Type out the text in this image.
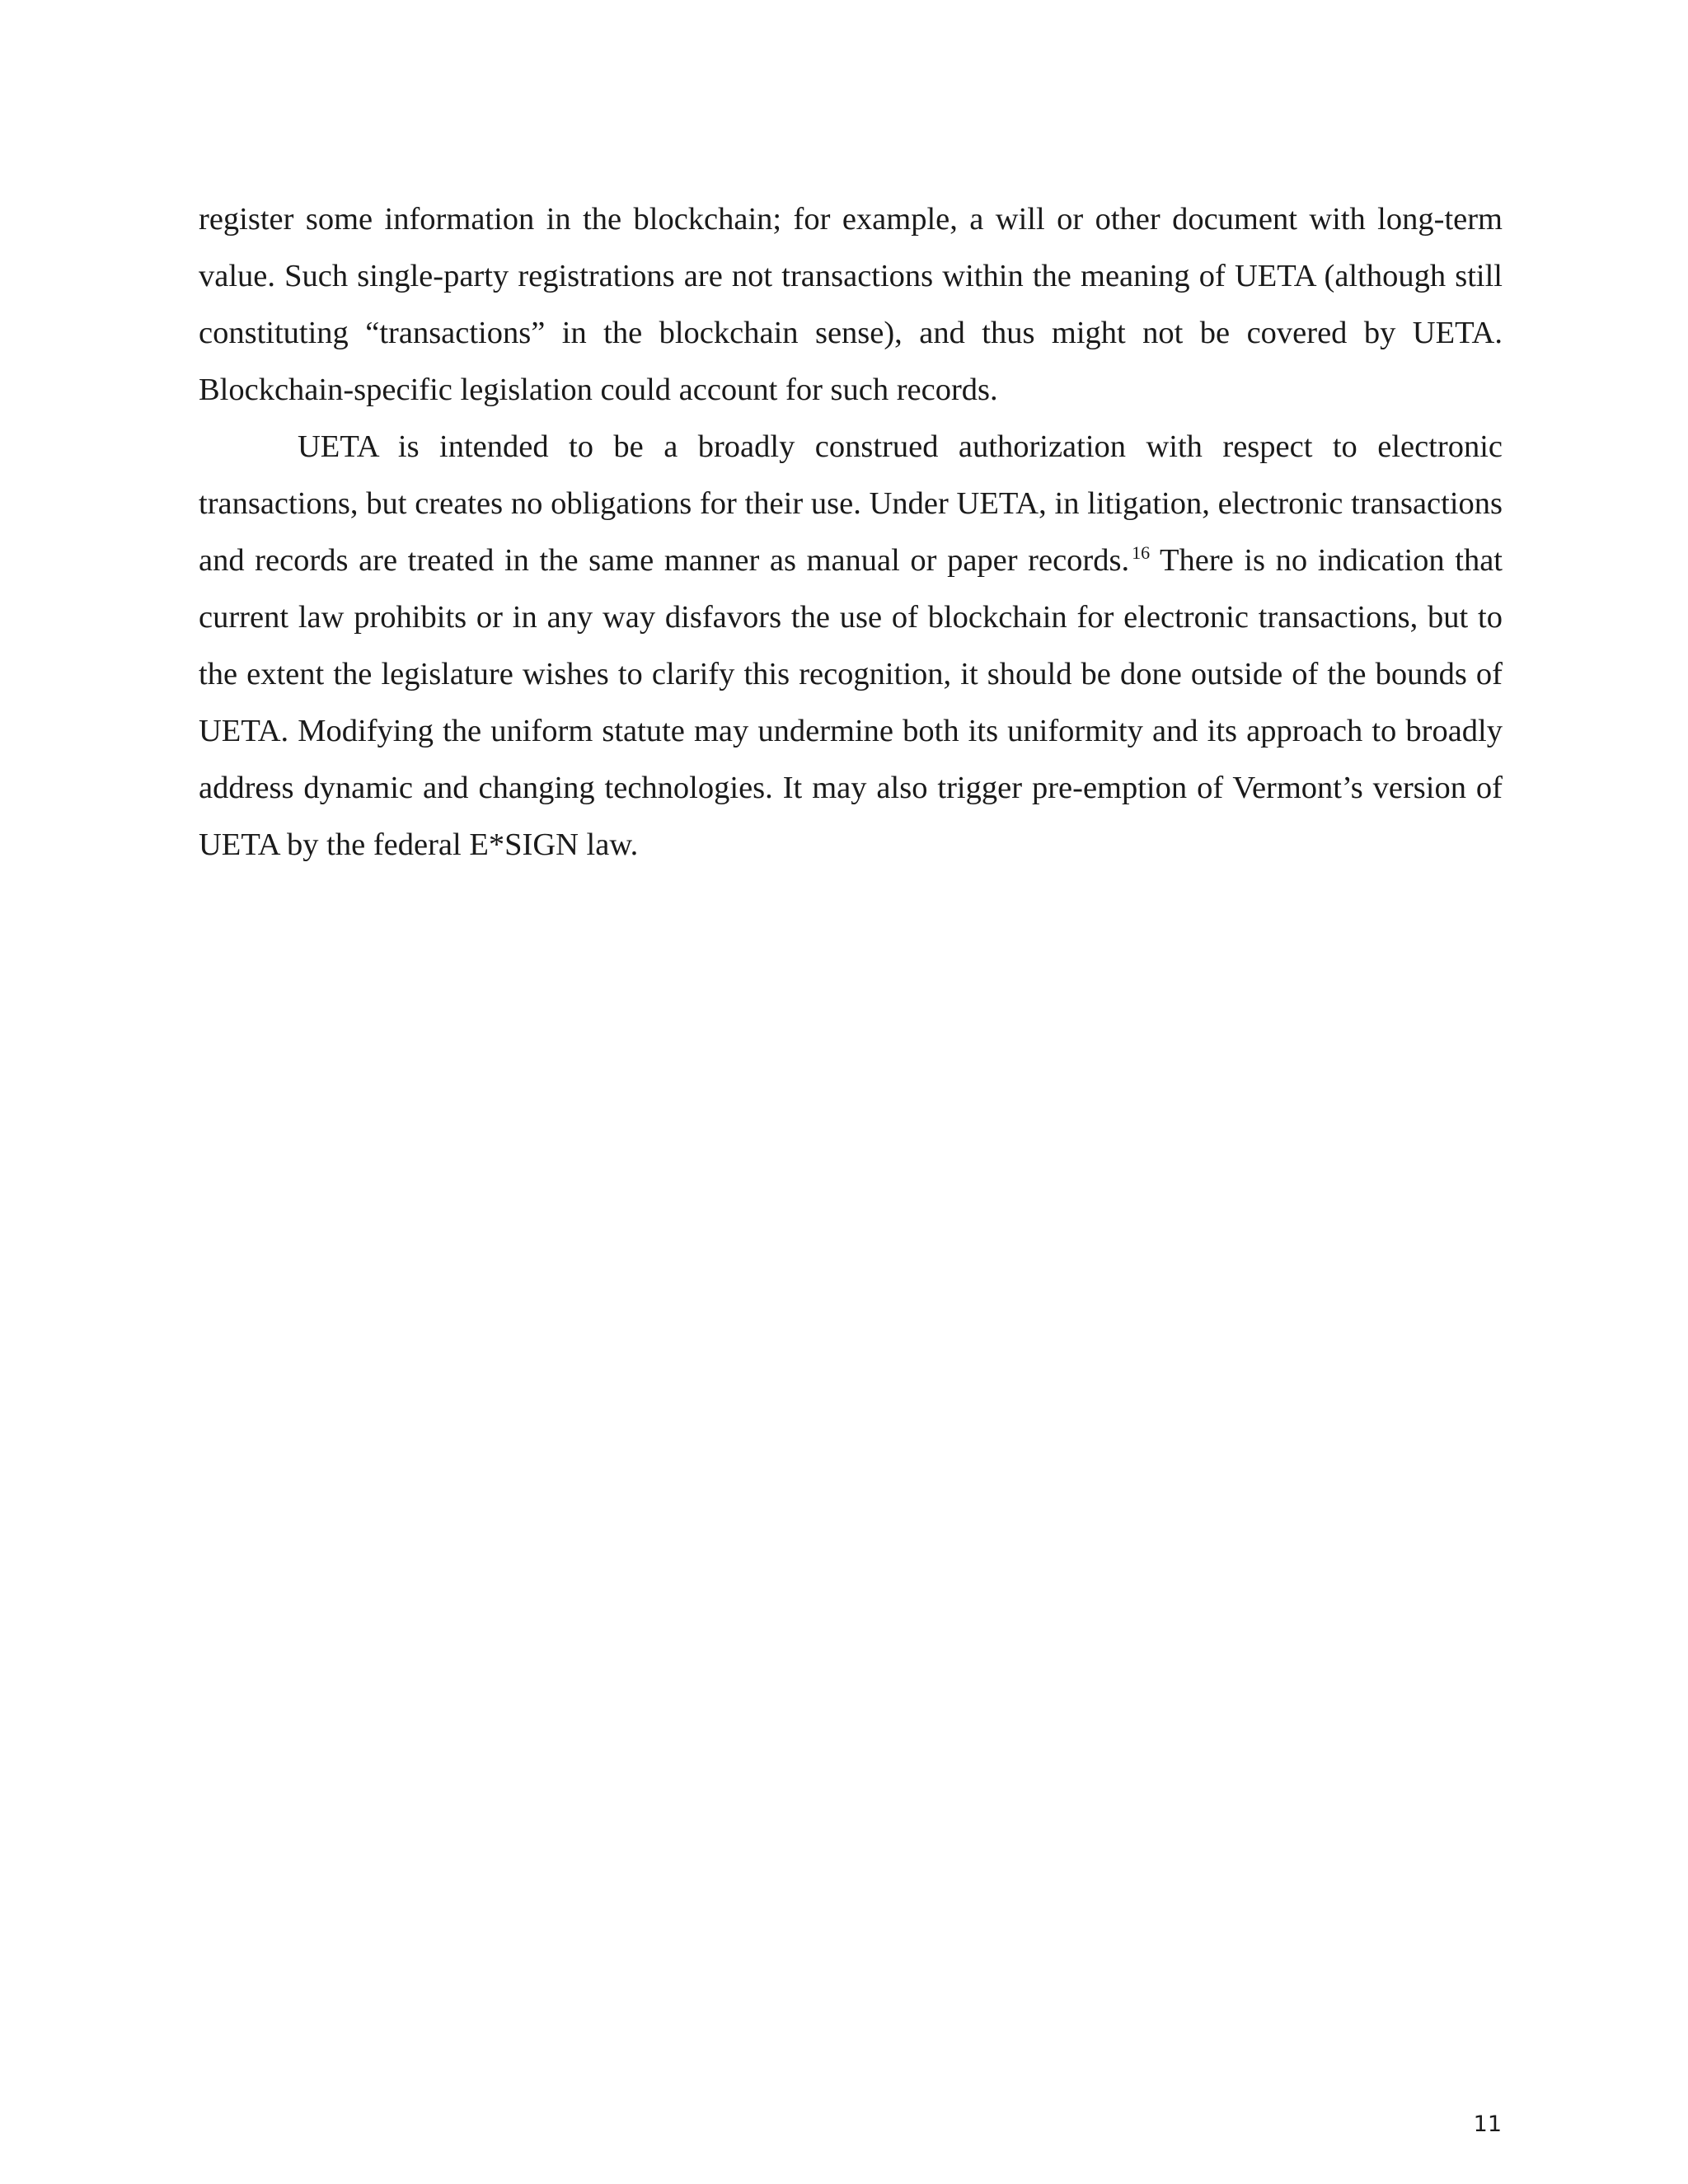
register some information in the blockchain; for example, a will or other document with long-term value. Such single-party registrations are not transactions within the meaning of UETA (although still constituting “transactions” in the blockchain sense), and thus might not be covered by UETA. Blockchain-specific legislation could account for such records.

UETA is intended to be a broadly construed authorization with respect to electronic transactions, but creates no obligations for their use. Under UETA, in litigation, electronic transactions and records are treated in the same manner as manual or paper records. $^{16}$ There is no indication that current law prohibits or in any way disfavors the use of blockchain for electronic transactions, but to the extent the legislature wishes to clarify this recognition, it should be done outside of the bounds of UETA. Modifying the uniform statute may undermine both its uniformity and its approach to broadly address dynamic and changing technologies. It may also trigger pre-emption of Vermont’s version of UETA by the federal E*SIGN law.

11
